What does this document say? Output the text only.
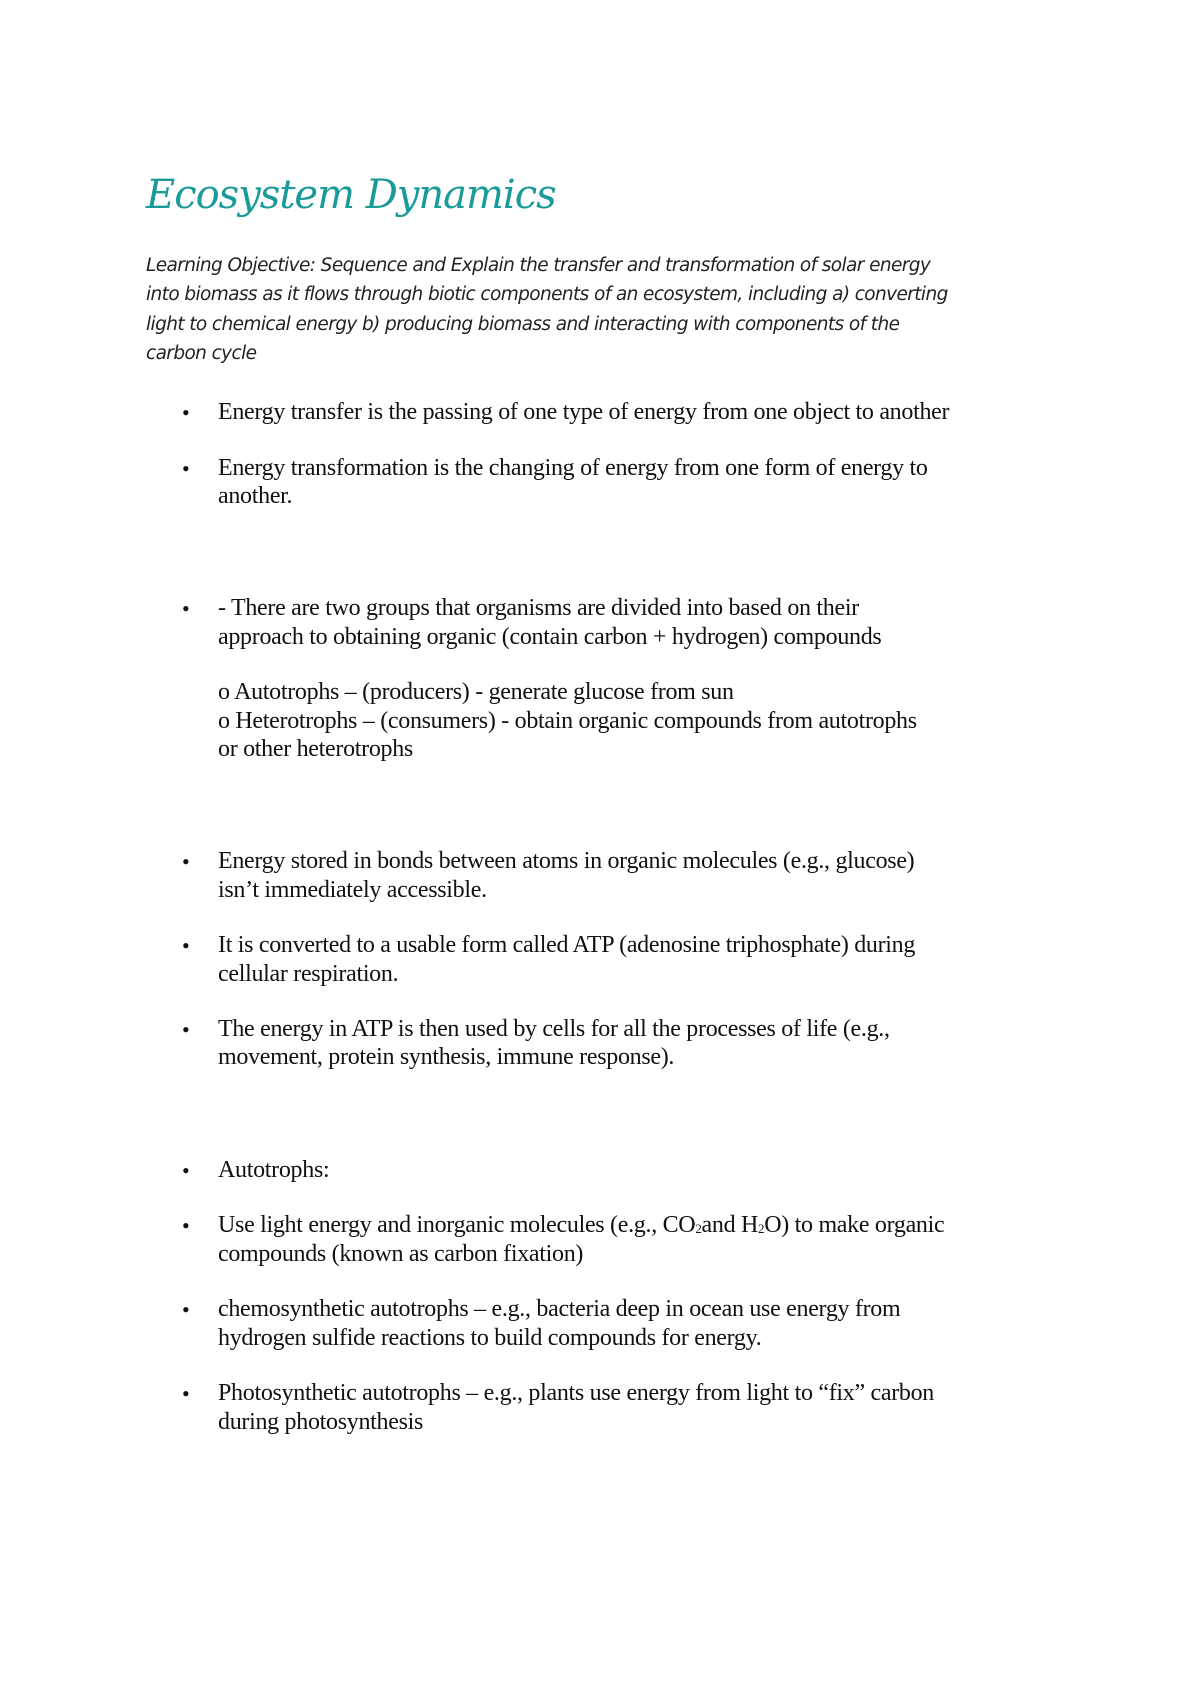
Ecosystem Dynamics
Learning Objective: Sequence and Explain the transfer and transformation of solar energy
into biomass as it flows through biotic components of an ecosystem, including a) converting
light to chemical energy b) producing biomass and interacting with components of the
carbon cycle
• Energy transfer is the passing of one type of energy from one object to another
• Energy transformation is the changing of energy from one form of energy to
another.
• - There are two groups that organisms are divided into based on their
approach to obtaining organic (contain carbon + hydrogen) compounds
o Autotrophs – (producers) - generate glucose from sun
o Heterotrophs – (consumers) - obtain organic compounds from autotrophs
or other heterotrophs
• Energy stored in bonds between atoms in organic molecules (e.g., glucose)
isn’t immediately accessible.
• It is converted to a usable form called ATP (adenosine triphosphate) during
cellular respiration.
• The energy in ATP is then used by cells for all the processes of life (e.g.,
movement, protein synthesis, immune response).
• Autotrophs:
• Use light energy and inorganic molecules (e.g., $CO_2and$ $H_2O$) to make organic
compounds (known as carbon fixation)
• chemosynthetic autotrophs – e.g., bacteria deep in ocean use energy from
hydrogen sulfide reactions to build compounds for energy.
• Photosynthetic autotrophs – e.g., plants use energy from light to “fix” carbon
during photosynthesis
